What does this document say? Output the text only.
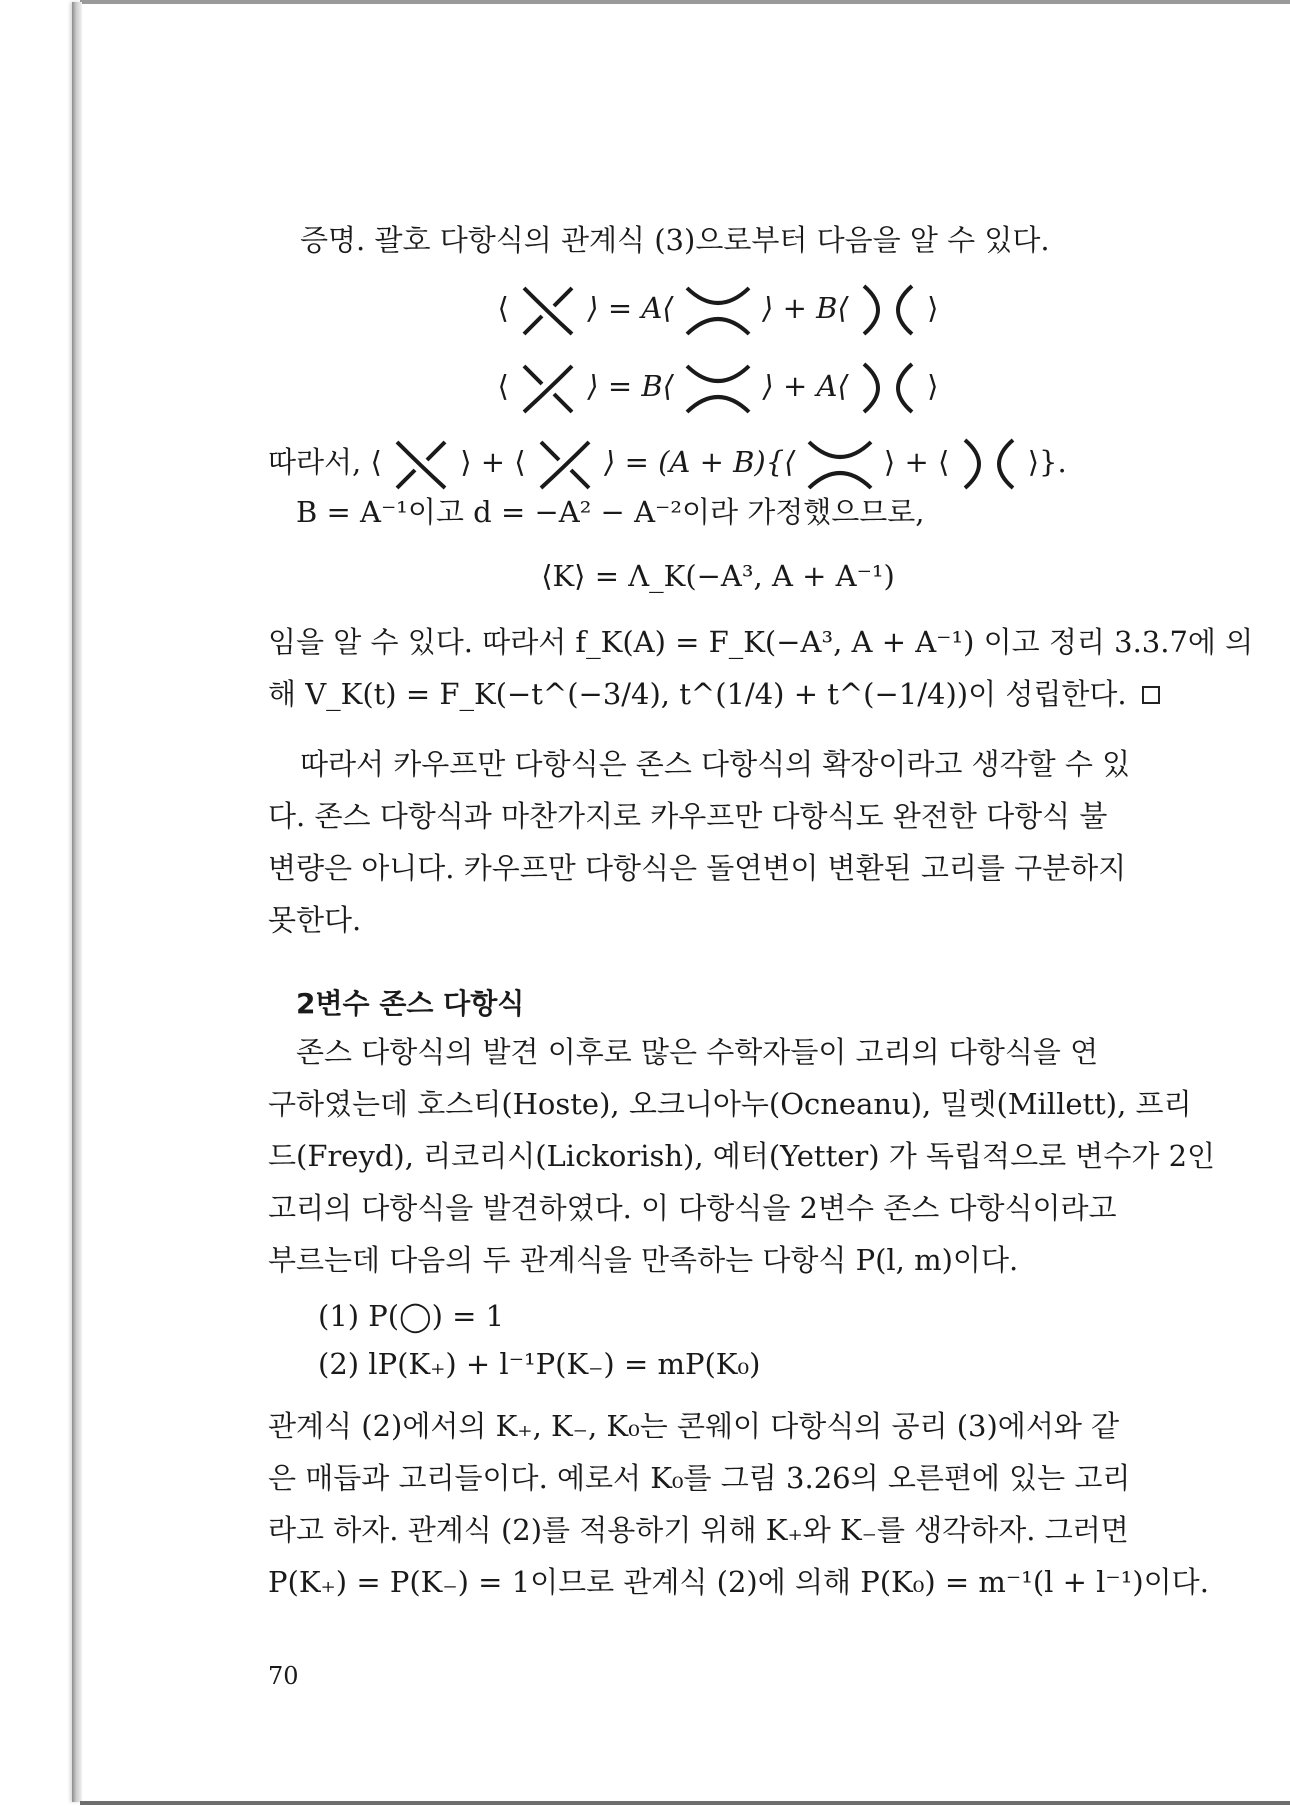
증명. 괄호 다항식의 관계식 (3)으로부터 다음을 알 수 있다.
⟨	⟩ = A⟨	⟩ + B⟨	⟩
⟨	⟩ = B⟨	⟩ + A⟨	⟩
따라서, ⟨	⟩ + ⟨	⟩ = (A + B){⟨	⟩ + ⟨	⟩}.
B = A⁻¹이고 d = −A² − A⁻²이라 가정했으므로,
⟨K⟩ = Λ_K(−A³, A + A⁻¹)
임을 알 수 있다. 따라서 f_K(A) = F_K(−A³, A + A⁻¹) 이고 정리 3.3.7에 의
해 V_K(t) = F_K(−t^(−3/4), t^(1/4) + t^(−1/4))이 성립한다.
따라서 카우프만 다항식은 존스 다항식의 확장이라고 생각할 수 있
다. 존스 다항식과 마찬가지로 카우프만 다항식도 완전한 다항식 불
변량은 아니다. 카우프만 다항식은 돌연변이 변환된 고리를 구분하지
못한다.
2변수 존스 다항식
존스 다항식의 발견 이후로 많은 수학자들이 고리의 다항식을 연
구하였는데 호스티(Hoste), 오크니아누(Ocneanu), 밀렛(Millett), 프리
드(Freyd), 리코리시(Lickorish), 예터(Yetter) 가 독립적으로 변수가 2인
고리의 다항식을 발견하였다. 이 다항식을 2변수 존스 다항식이라고
부르는데 다음의 두 관계식을 만족하는 다항식 P(l, m)이다.
(1) P(◯) = 1
(2) lP(K₊) + l⁻¹P(K₋) = mP(K₀)
관계식 (2)에서의 K₊, K₋, K₀는 콘웨이 다항식의 공리 (3)에서와 같
은 매듭과 고리들이다. 예로서 K₀를 그림 3.26의 오른편에 있는 고리
라고 하자. 관계식 (2)를 적용하기 위해 K₊와 K₋를 생각하자. 그러면
P(K₊) = P(K₋) = 1이므로 관계식 (2)에 의해 P(K₀) = m⁻¹(l + l⁻¹)이다.
70
